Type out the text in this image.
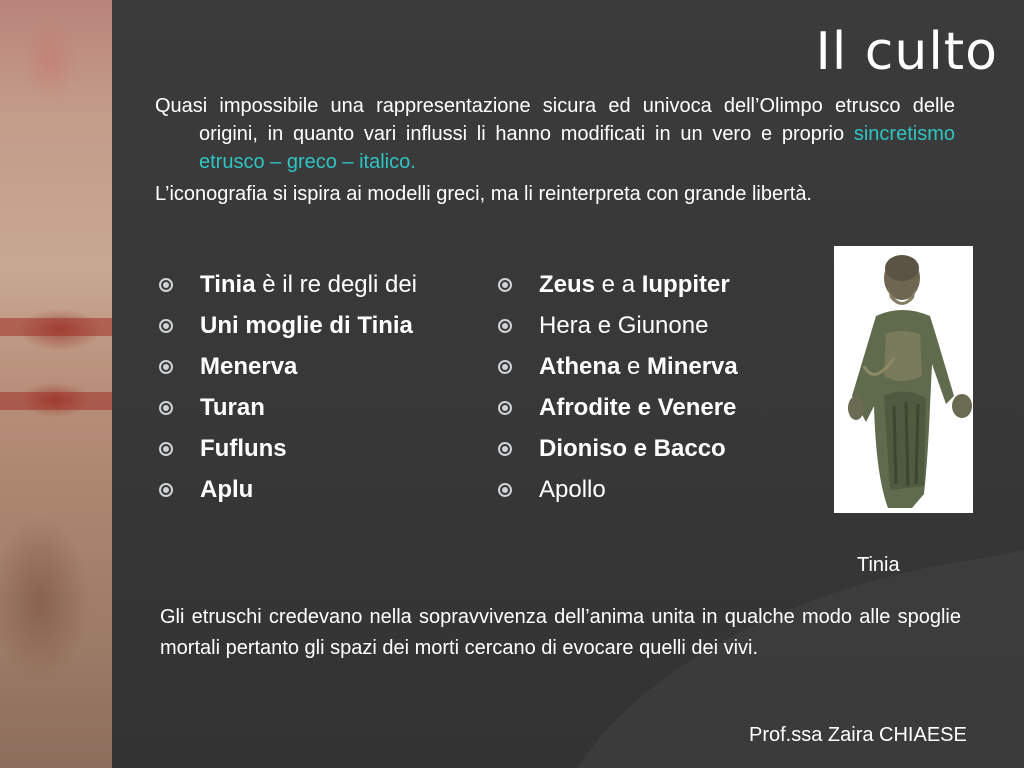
Il culto

Quasi impossibile una rappresentazione sicura ed univoca dell’Olimpo etrusco delle origini, in quanto vari influssi li hanno modificati in un vero e proprio sincretismo etrusco – greco – italico.

L’iconografia si ispira ai modelli greci, ma li reinterpreta con grande libertà.

Tinia è il re degli dei
Uni moglie di Tinia
Menerva
Turan
Fufluns
Aplu
Zeus e a Iuppiter
Hera e Giunone
Athena e Minerva
Afrodite e Venere
Dioniso e Bacco
Apollo
Tinia
Gli etruschi credevano nella sopravvivenza dell’anima unita in qualche modo alle spoglie mortali pertanto gli spazi dei morti cercano di evocare quelli dei vivi.
Prof.ssa Zaira CHIAESE
